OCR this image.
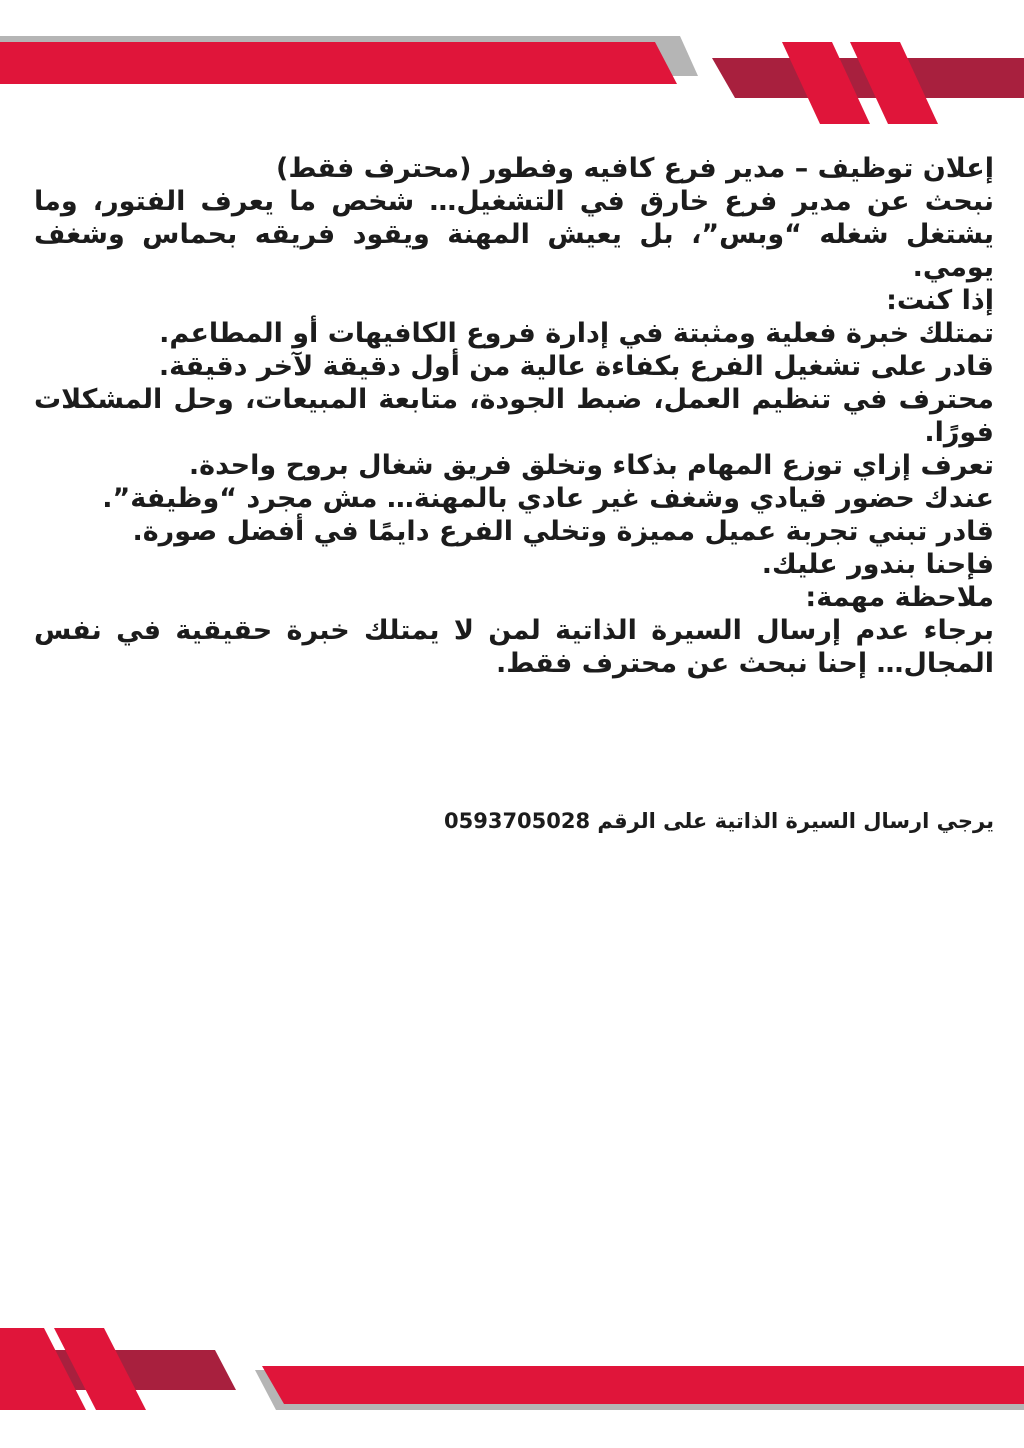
إعلان توظيف – مدير فرع كافيه وفطور (محترف فقط)

نبحث عن مدير فرع خارق في التشغيل… شخص ما يعرف الفتور، وما يشتغل شغله “وبس”، بل يعيش المهنة ويقود فريقه بحماس وشغف يومي.

إذا كنت:

تمتلك خبرة فعلية ومثبتة في إدارة فروع الكافيهات أو المطاعم.

قادر على تشغيل الفرع بكفاءة عالية من أول دقيقة لآخر دقيقة.

محترف في تنظيم العمل، ضبط الجودة، متابعة المبيعات، وحل المشكلات فورًا.

تعرف إزاي توزع المهام بذكاء وتخلق فريق شغال بروح واحدة.

عندك حضور قيادي وشغف غير عادي بالمهنة… مش مجرد “وظيفة”.

قادر تبني تجربة عميل مميزة وتخلي الفرع دايمًا في أفضل صورة.

فإحنا بندور عليك.

ملاحظة مهمة:

برجاء عدم إرسال السيرة الذاتية لمن لا يمتلك خبرة حقيقية في نفس المجال… إحنا نبحث عن محترف فقط.

يرجي ارسال السيرة الذاتية على الرقم 0593705028
